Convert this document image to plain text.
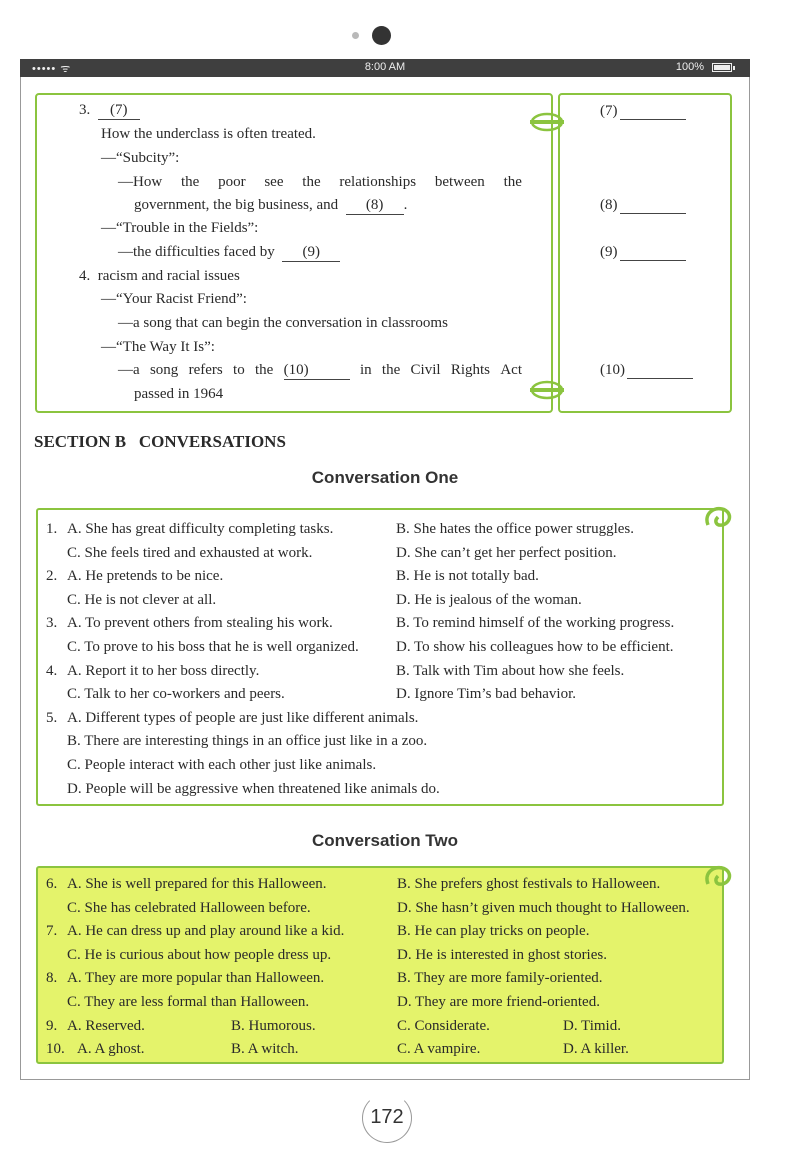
••••• ᯤ	8:00 AM	100%
3. (7)
How the underclass is often treated.
—“Subcity”:
—How the poor see the relationships between the
government, the big business, and (8) .
—“Trouble in the Fields”:
—the difficulties faced by (9)
4. racism and racial issues
—“Your Racist Friend”:
—a song that can begin the conversation in classrooms
—“The Way It Is”:
—a song refers to the (10)	in the Civil Rights Act
passed in 1964
(7)
(8)
(9)
(10)
SECTION B   CONVERSATIONS
Conversation One
1. A. She has great difficulty completing tasks.	B. She hates the office power struggles.
C. She feels tired and exhausted at work.	D. She can’t get her perfect position.
2. A. He pretends to be nice.	B. He is not totally bad.
C. He is not clever at all.	D. He is jealous of the woman.
3. A. To prevent others from stealing his work.	B. To remind himself of the working progress.
C. To prove to his boss that he is well organized. D. To show his colleagues how to be efficient.
4. A. Report it to her boss directly.	B. Talk with Tim about how she feels.
C. Talk to her co-workers and peers.	D. Ignore Tim’s bad behavior.
5. A. Different types of people are just like different animals.
B. There are interesting things in an office just like in a zoo.
C. People interact with each other just like animals.
D. People will be aggressive when threatened like animals do.
Conversation Two
6. A. She is well prepared for this Halloween.	B. She prefers ghost festivals to Halloween.
C. She has celebrated Halloween before.	D. She hasn’t given much thought to Halloween.
7. A. He can dress up and play around like a kid.	B. He can play tricks on people.
C. He is curious about how people dress up.	D. He is interested in ghost stories.
8. A. They are more popular than Halloween.	B. They are more family-oriented.
C. They are less formal than Halloween.	D. They are more friend-oriented.
9. A. Reserved.	B. Humorous.	C. Considerate.	D. Timid.
10. A. A ghost.	B. A witch.	C. A vampire.	D. A killer.
172
